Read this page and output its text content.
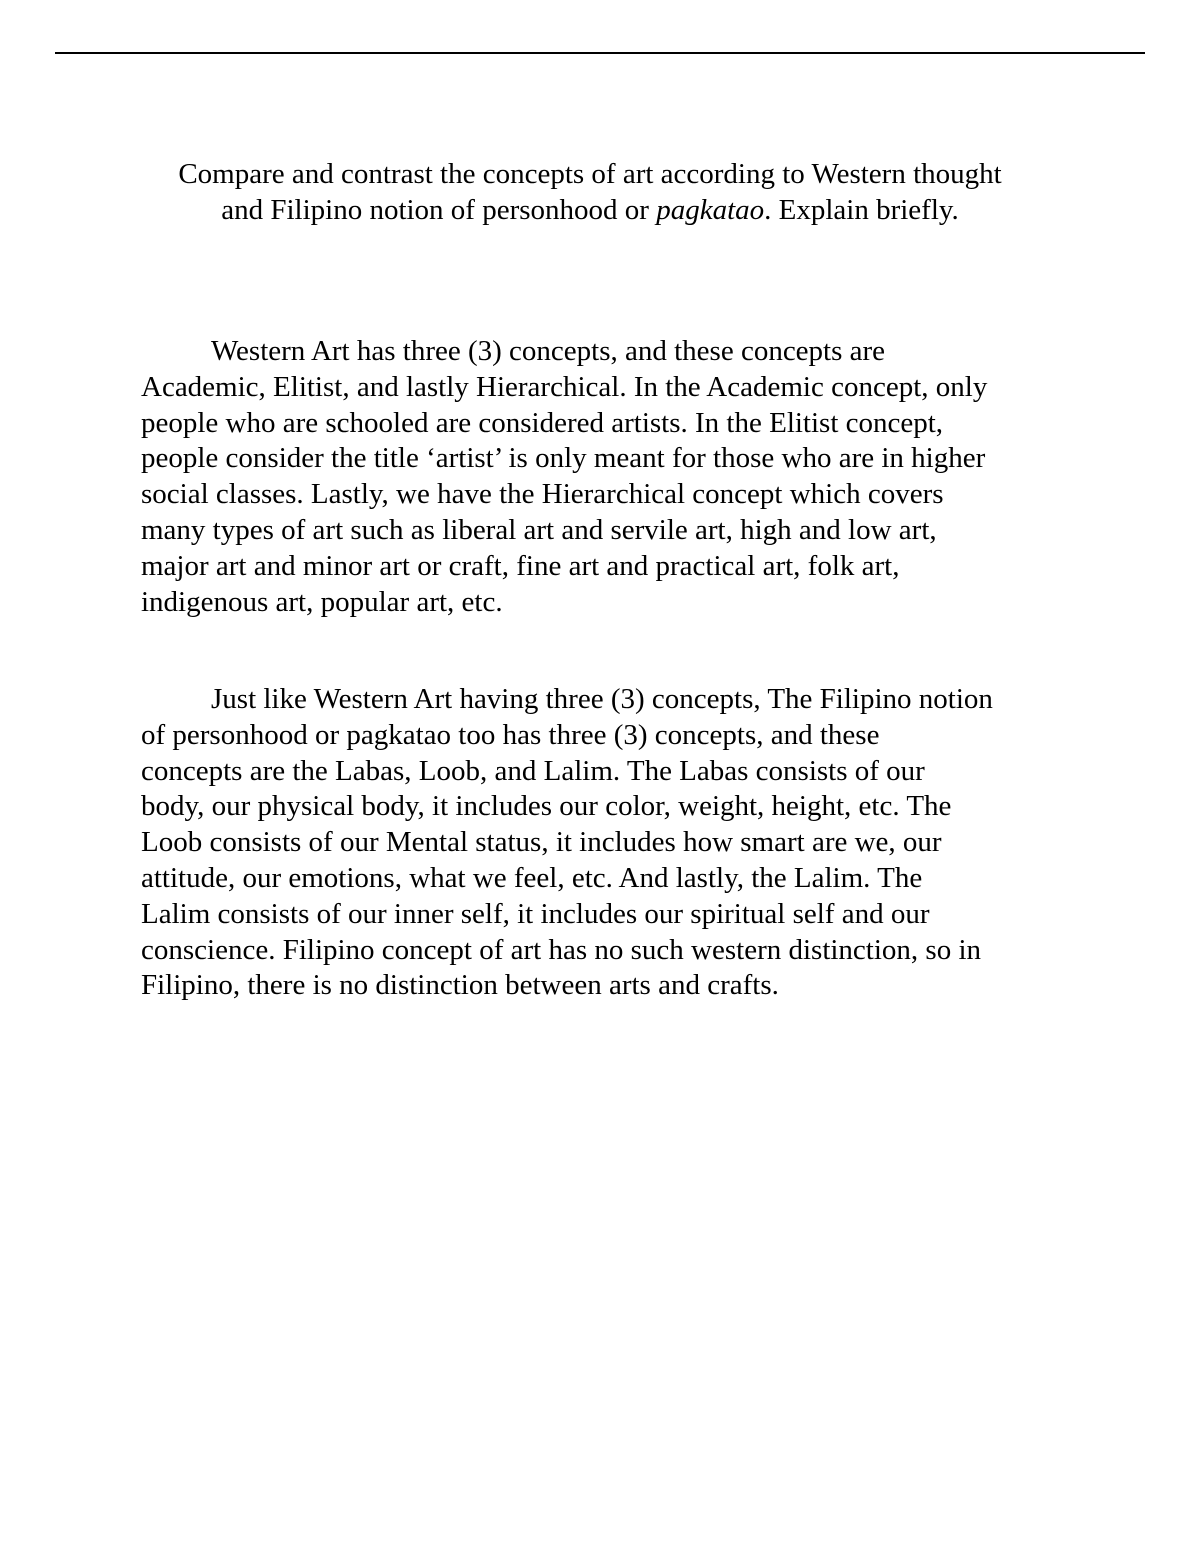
Compare and contrast the concepts of art according to Western thought
and Filipino notion of personhood or pagkatao. Explain briefly.
Western Art has three (3) concepts, and these concepts are
Academic, Elitist, and lastly Hierarchical. In the Academic concept, only
people who are schooled are considered artists. In the Elitist concept,
people consider the title ‘artist’ is only meant for those who are in higher
social classes. Lastly, we have the Hierarchical concept which covers
many types of art such as liberal art and servile art, high and low art,
major art and minor art or craft, fine art and practical art, folk art,
indigenous art, popular art, etc.
Just like Western Art having three (3) concepts, The Filipino notion
of personhood or pagkatao too has three (3) concepts, and these
concepts are the Labas, Loob, and Lalim. The Labas consists of our
body, our physical body, it includes our color, weight, height, etc. The
Loob consists of our Mental status, it includes how smart are we, our
attitude, our emotions, what we feel, etc. And lastly, the Lalim. The
Lalim consists of our inner self, it includes our spiritual self and our
conscience. Filipino concept of art has no such western distinction, so in
Filipino, there is no distinction between arts and crafts.
